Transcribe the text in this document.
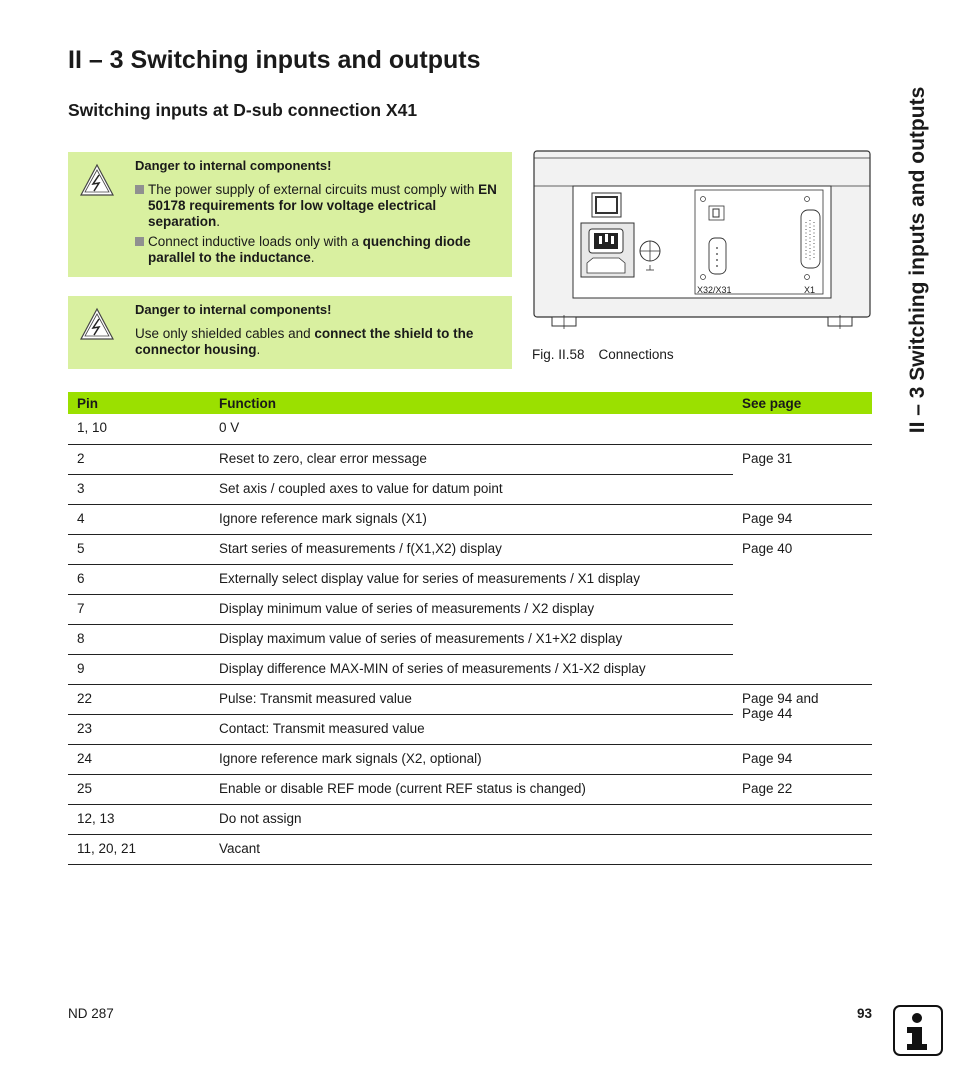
II – 3 Switching inputs and outputs
Switching inputs at D-sub connection X41	II – 3 Switching inputs and outputs

Danger to internal components!

The power supply of external circuits must comply with EN 50178 requirements for low voltage electrical separation.
Connect inductive loads only with a quenching diode parallel to the inductance.

Danger to internal components!

Use only shielded cables and connect the shield to the connector housing.

X32/X31	X1
Fig. II.58 Connections
Pin	Function	See page
1, 10	0 V	
2	Reset to zero, clear error message	Page 31
3	Set axis / coupled axes to value for datum point	
4	Ignore reference mark signals (X1)	Page 94
5	Start series of measurements / f(X1,X2) display	Page 40
6	Externally select display value for series of measurements / X1 display	
7	Display minimum value of series of measurements / X2 display	
8	Display maximum value of series of measurements / X1+X2 display	
9	Display difference MAX-MIN of series of measurements / X1-X2 display	
22	Pulse: Transmit measured value	Page 94 and
Page 44
23	Contact: Transmit measured value	
24	Ignore reference mark signals (X2, optional)	Page 94
25	Enable or disable REF mode (current REF status is changed)	Page 22
12, 13	Do not assign	
11, 20, 21	Vacant	
ND 287	93
